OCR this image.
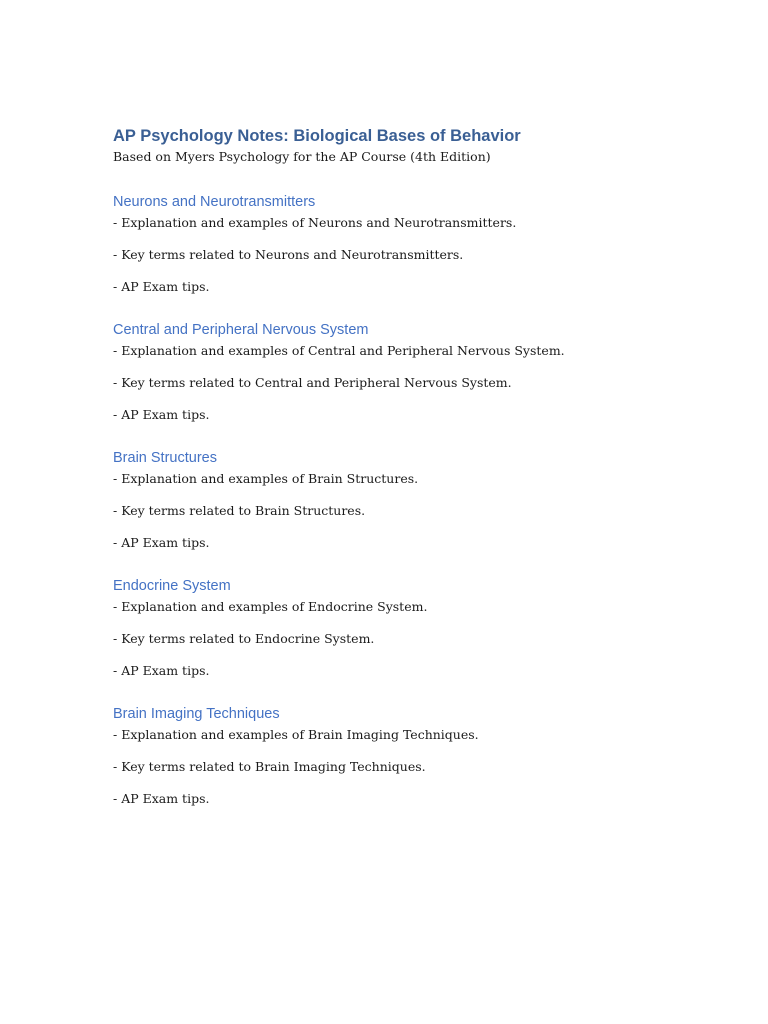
AP Psychology Notes: Biological Bases of Behavior

Based on Myers Psychology for the AP Course (4th Edition)

Neurons and Neurotransmitters

- Explanation and examples of Neurons and Neurotransmitters.

- Key terms related to Neurons and Neurotransmitters.

- AP Exam tips.

Central and Peripheral Nervous System

- Explanation and examples of Central and Peripheral Nervous System.

- Key terms related to Central and Peripheral Nervous System.

- AP Exam tips.

Brain Structures

- Explanation and examples of Brain Structures.

- Key terms related to Brain Structures.

- AP Exam tips.

Endocrine System

- Explanation and examples of Endocrine System.

- Key terms related to Endocrine System.

- AP Exam tips.

Brain Imaging Techniques

- Explanation and examples of Brain Imaging Techniques.

- Key terms related to Brain Imaging Techniques.

- AP Exam tips.
